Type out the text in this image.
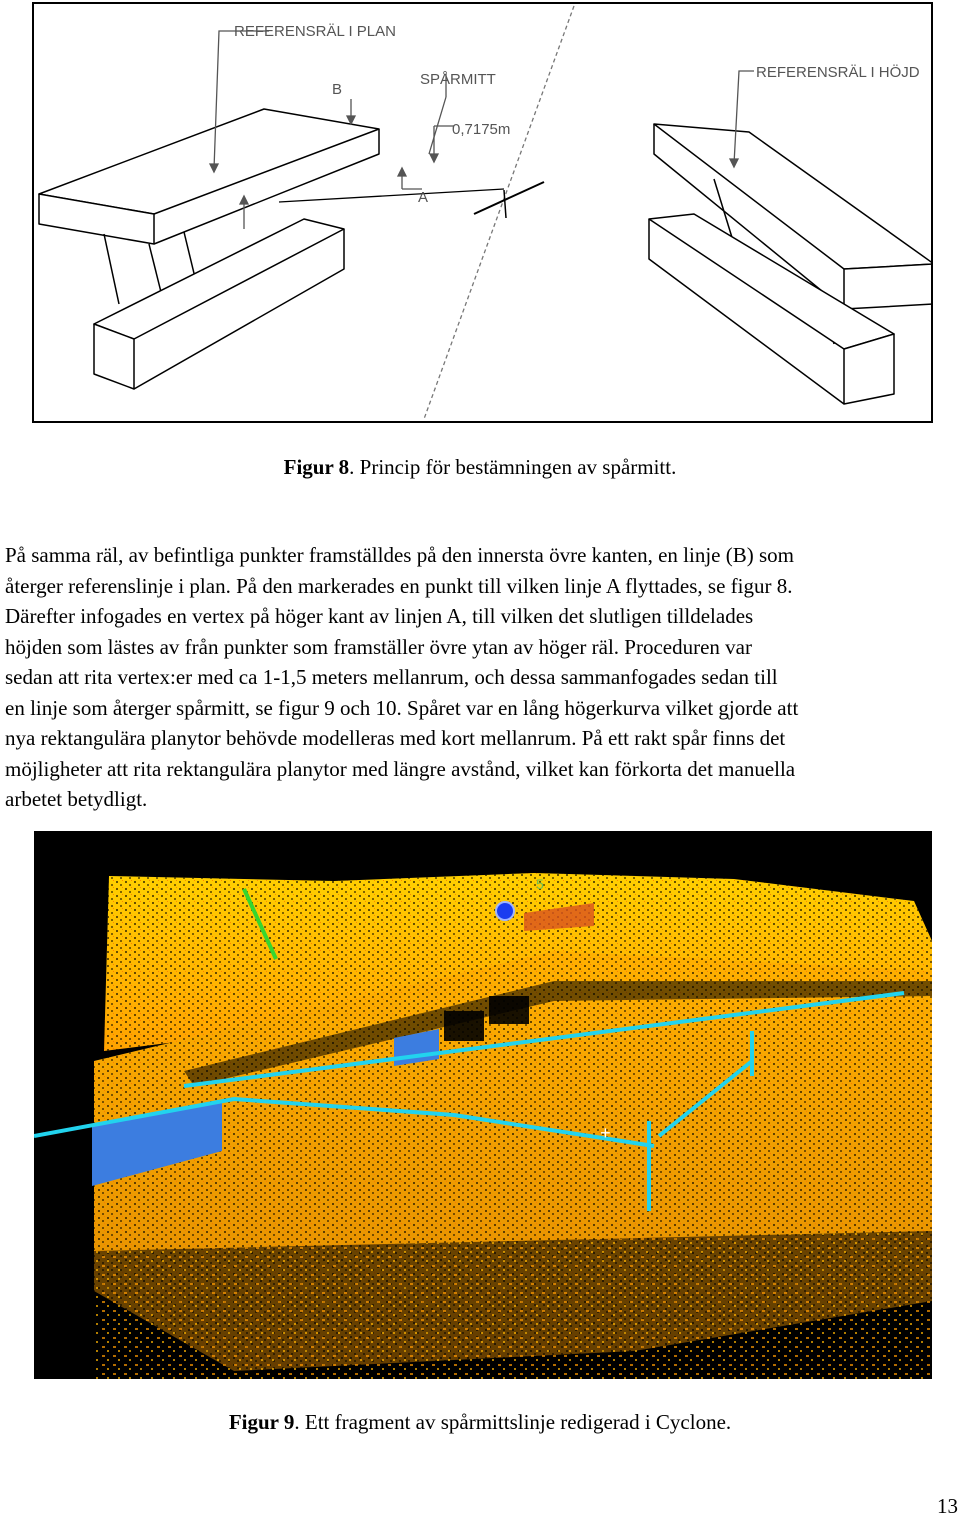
REFERENSRÄL I PLAN
B
SPÅRMITT	REFERENSRÄL I HÖJD
0,7175m
A
Figur 8. Princip för bestämningen av spårmitt.
På samma räl, av befintliga punkter framställdes på den innersta övre kanten, en linje (B) som
återger referenslinje i plan. På den markerades en punkt till vilken linje A flyttades, se figur 8.
Därefter infogades en vertex på höger kant av linjen A, till vilken det slutligen tilldelades
höjden som lästes av från punkter som framställer övre ytan av höger räl. Proceduren var
sedan att rita vertex:er med ca 1-1,5 meters mellanrum, och dessa sammanfogades sedan till
en linje som återger spårmitt, se figur 9 och 10. Spåret var en lång högerkurva vilket gjorde att
nya rektangulära planytor behövde modelleras med kort mellanrum. På ett rakt spår finns det
möjligheter att rita rektangulära planytor med längre avstånd, vilket kan förkorta det manuella
arbetet betydligt.
5
+
Figur 9. Ett fragment av spårmittslinje redigerad i Cyclone.
13
